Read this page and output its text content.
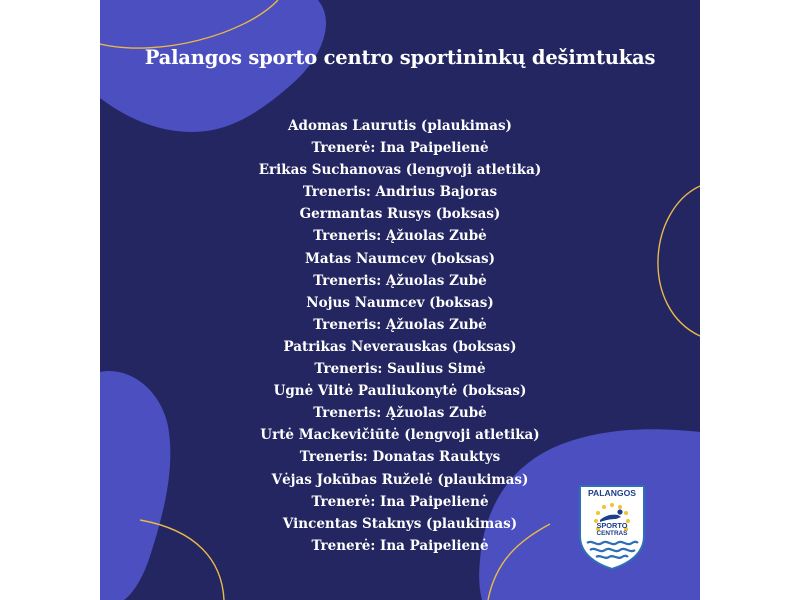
Palangos sporto centro sportininkų dešimtukas
Adomas Laurutis (plaukimas)
Trenerė: Ina Paipelienė
Erikas Suchanovas (lengvoji atletika)
Treneris: Andrius Bajoras
Germantas Rusys (boksas)
Treneris: Ąžuolas Zubė
Matas Naumcev (boksas)
Treneris: Ąžuolas Zubė
Nojus Naumcev (boksas)
Treneris: Ąžuolas Zubė
Patrikas Neverauskas (boksas)
Treneris: Saulius Simė
Ugnė Viltė Pauliukonytė (boksas)
Treneris: Ąžuolas Zubė
Urtė Mackevičiūtė (lengvoji atletika)
Treneris: Donatas Rauktys
Vėjas Jokūbas Ruželė (plaukimas)
Trenerė: Ina Paipelienė
Vincentas Staknys (plaukimas)
Trenerė: Ina Paipelienė
PALANGOS
SPORTO
CENTRAS
